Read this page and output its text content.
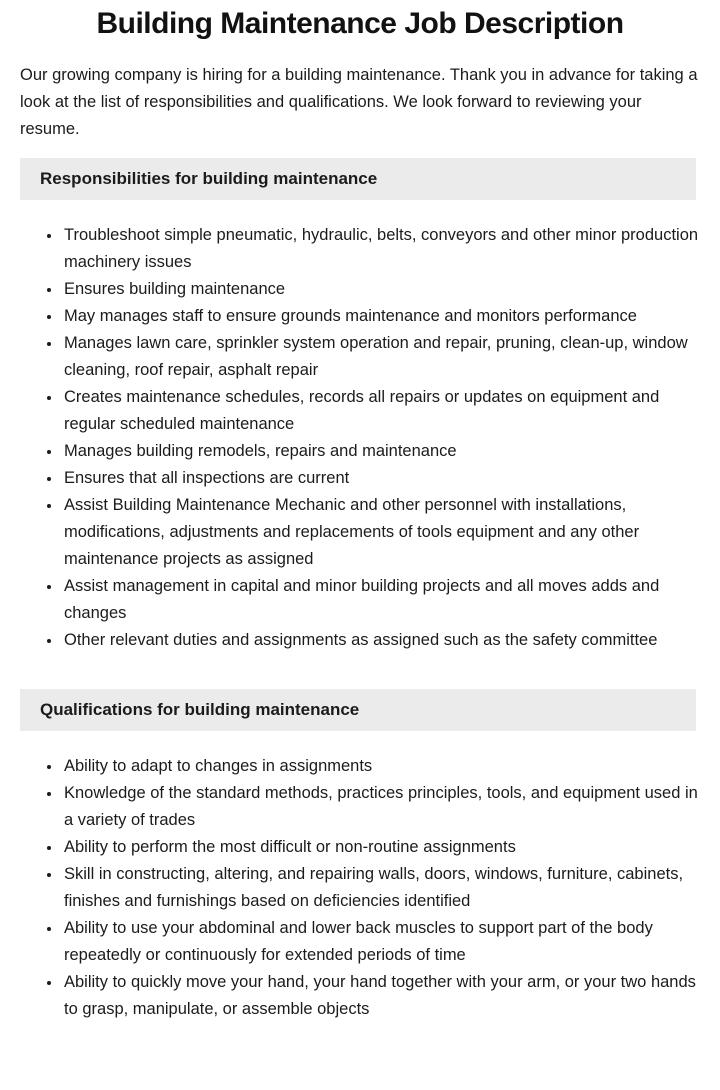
Building Maintenance Job Description

Our growing company is hiring for a building maintenance. Thank you in advance for taking a look at the list of responsibilities and qualifications. We look forward to reviewing your resume.

Responsibilities for building maintenance
• Troubleshoot simple pneumatic, hydraulic, belts, conveyors and other minor production machinery issues
• Ensures building maintenance
• May manages staff to ensure grounds maintenance and monitors performance
• Manages lawn care, sprinkler system operation and repair, pruning, clean-up, window cleaning, roof repair, asphalt repair
• Creates maintenance schedules, records all repairs or updates on equipment and regular scheduled maintenance
• Manages building remodels, repairs and maintenance
• Ensures that all inspections are current
• Assist Building Maintenance Mechanic and other personnel with installations, modifications, adjustments and replacements of tools equipment and any other maintenance projects as assigned
• Assist management in capital and minor building projects and all moves adds and changes
• Other relevant duties and assignments as assigned such as the safety committee
Qualifications for building maintenance
• Ability to adapt to changes in assignments
• Knowledge of the standard methods, practices principles, tools, and equipment used in a variety of trades
• Ability to perform the most difficult or non-routine assignments
• Skill in constructing, altering, and repairing walls, doors, windows, furniture, cabinets, finishes and furnishings based on deficiencies identified
• Ability to use your abdominal and lower back muscles to support part of the body repeatedly or continuously for extended periods of time
• Ability to quickly move your hand, your hand together with your arm, or your two hands to grasp, manipulate, or assemble objects
